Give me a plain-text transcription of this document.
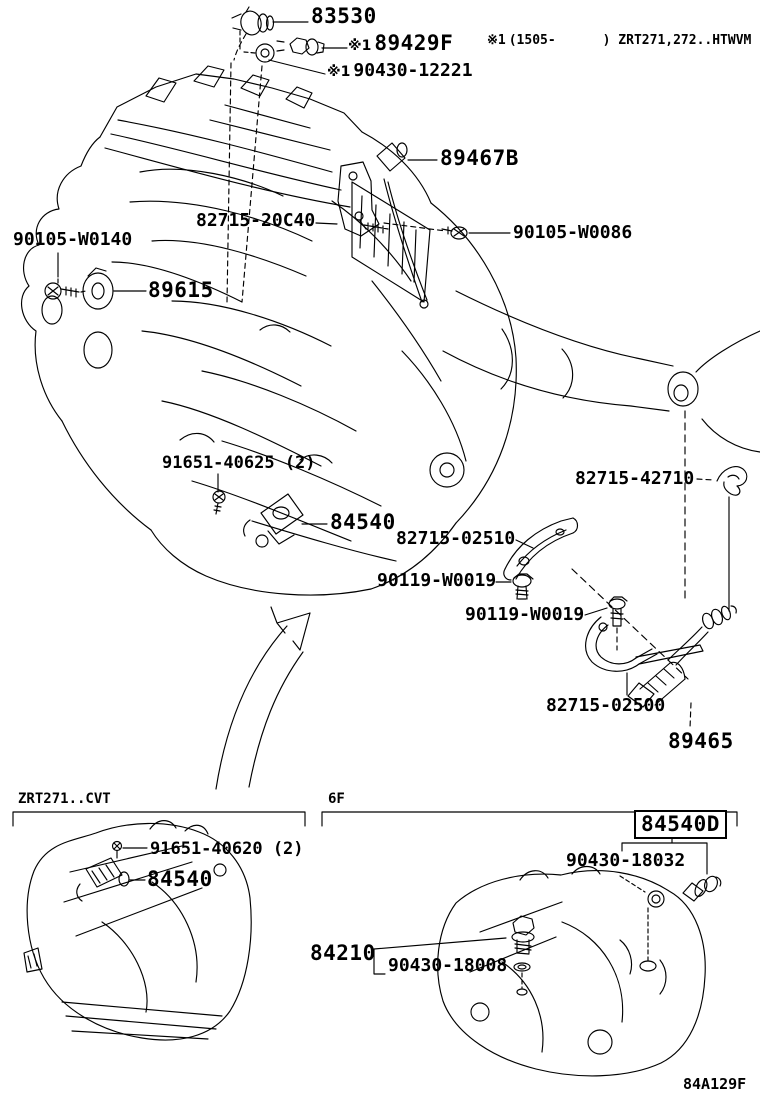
83530
※1 89429F
※1 90430-12221
※1 (1505-      ) ZRT271,272..HTWVM
89467B
82715-20C40
90105-W0140
89615
90105-W0086
91651-40625 (2)
84540
82715-02510
90119-W0019
82715-42710
90119-W0019
82715-02500
89465
ZRT271..CVT
91651-40620 (2)
84540
6F
84540D
90430-18032
84210
90430-18008
84A129F
